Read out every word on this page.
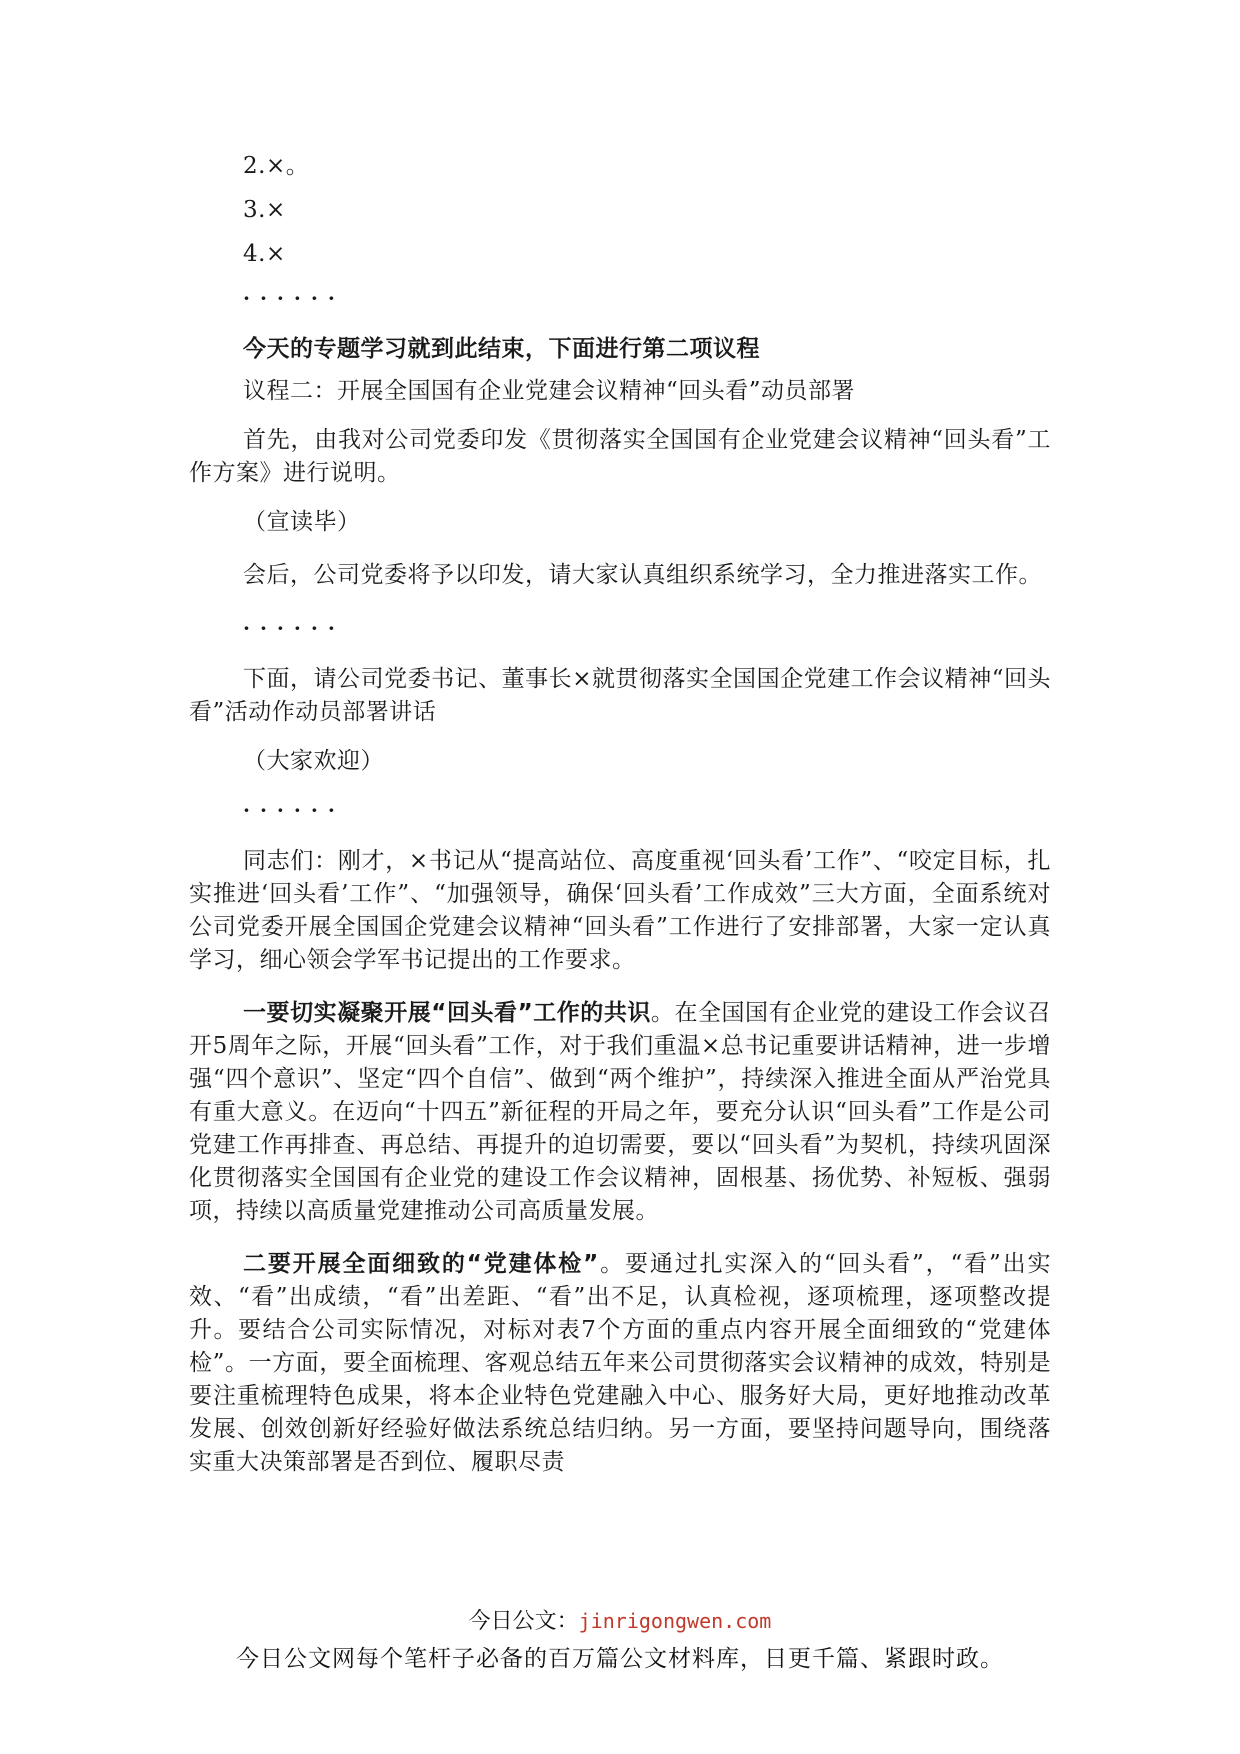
2.×。

3.×

4.×

······

今天的专题学习就到此结束，下面进行第二项议程

议程二：开展全国国有企业党建会议精神“回头看”动员部署

首先，由我对公司党委印发《贯彻落实全国国有企业党建会议精神“回头看”工作方案》进行说明。

（宣读毕）

会后，公司党委将予以印发，请大家认真组织系统学习，全力推进落实工作。

······

下面，请公司党委书记、董事长×就贯彻落实全国国企党建工作会议精神“回头看”活动作动员部署讲话

（大家欢迎）

······

同志们：刚才，×书记从“提高站位、高度重视‘回头看’工作”、“咬定目标，扎实推进‘回头看’工作”、“加强领导，确保‘回头看’工作成效”三大方面，全面系统对公司党委开展全国国企党建会议精神“回头看”工作进行了安排部署，大家一定认真学习，细心领会学军书记提出的工作要求。

一要切实凝聚开展“回头看”工作的共识。在全国国有企业党的建设工作会议召开5周年之际，开展“回头看”工作，对于我们重温×总书记重要讲话精神，进一步增强“四个意识”、坚定“四个自信”、做到“两个维护”，持续深入推进全面从严治党具有重大意义。在迈向“十四五”新征程的开局之年，要充分认识“回头看”工作是公司党建工作再排查、再总结、再提升的迫切需要，要以“回头看”为契机，持续巩固深化贯彻落实全国国有企业党的建设工作会议精神，固根基、扬优势、补短板、强弱项，持续以高质量党建推动公司高质量发展。

二要开展全面细致的“党建体检”。要通过扎实深入的“回头看”，“看”出实效、“看”出成绩，“看”出差距、“看”出不足，认真检视，逐项梳理，逐项整改提升。要结合公司实际情况，对标对表7个方面的重点内容开展全面细致的“党建体检”。一方面，要全面梳理、客观总结五年来公司贯彻落实会议精神的成效，特别是要注重梳理特色成果，将本企业特色党建融入中心、服务好大局，更好地推动改革发展、创效创新好经验好做法系统总结归纳。另一方面，要坚持问题导向，围绕落实重大决策部署是否到位、履职尽责

今日公文：jinrigongwen.com
今日公文网每个笔杆子必备的百万篇公文材料库，日更千篇、紧跟时政。
